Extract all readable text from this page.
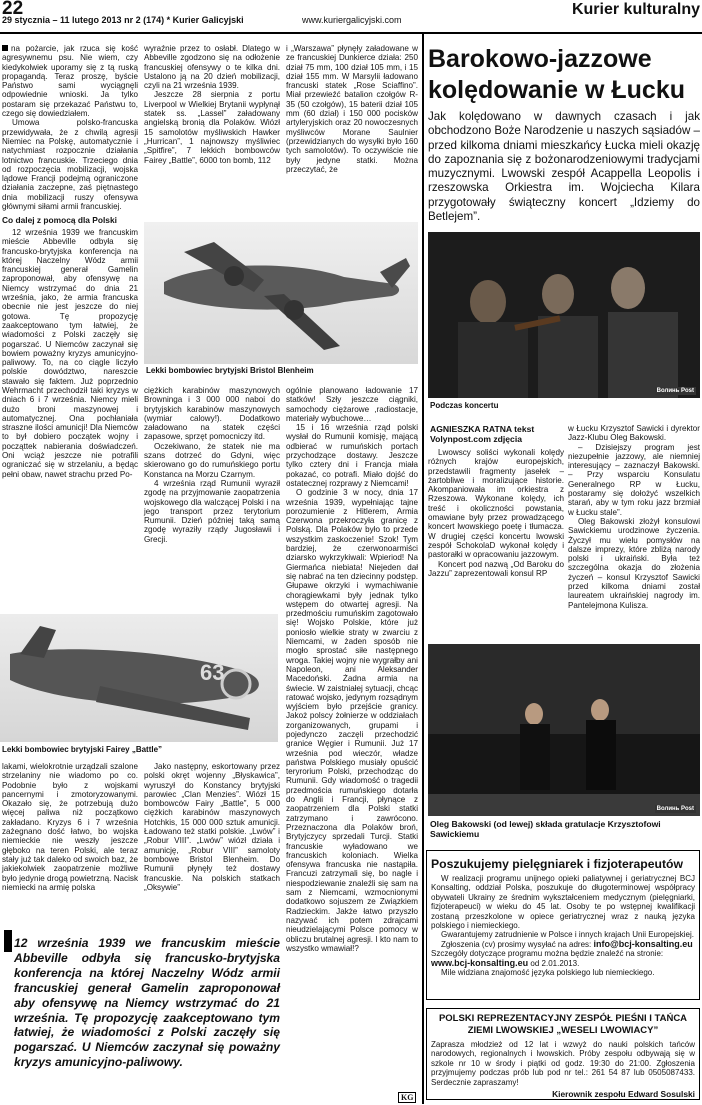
22
29 stycznia – 11 lutego 2013 nr 2 (174) * Kurier Galicyjski	www.kuriergalicyjski.com
Kurier kulturalny

na pożarcie, jak rzuca się kość agresywnemu psu. Nie wiem, czy kiedykolwiek uporamy się z tą ruską propagandą. Teraz proszę, byście Państwo sami wyciągnęli odpowiednie wnioski. Ja tylko postaram się przekazać Państwu to, czego się dowiedziałem.

Umowa polsko-francuska przewidywała, że z chwilą agresji Niemiec na Polskę, automatycznie i natychmiast rozpocznie działania lotnictwo francuskie. Trzeciego dnia od rozpoczęcia mobilizacji, wojska lądowe Francji podejmą ograniczone działania zaczepne, zaś piętnastego dnia mobilizacji ruszy ofensywa głównymi siłami armii francuskiej.

Co dalej z pomocą dla Polski

12 września 1939 we francuskim mieście Abbeville odbyła się francusko-brytyjska konferencja na której Naczelny Wódz armii francuskiej generał Gamelin zaproponował, aby ofensywę na Niemcy wstrzymać do dnia 21 września, jako, że armia francuska obecnie nie jest jeszcze do niej gotowa. Tę propozycję zaakceptowano tym łatwiej, że wiadomości z Polski zaczęły się pogarszać. U Niemców zaczynał się bowiem poważny kryzys amunicyjno-paliwowy. To, na co ciągle liczyło polskie dowództwo, nareszcie stawało się faktem. Już poprzednio Wehrmacht przechodził taki kryzys w dniach 6 i 7 września. Niemcy mieli dużo broni maszynowej i automatycznej. Ona pochłaniała straszne ilości amunicji! Dla Niemców to był dobiero początek wojny i począttek nabierania doświadczeń. Oni wciąż jeszcze nie potrafili ograniczać się w strzelaniu, a będąc pełni obaw, nawet strachu przed Po-

wyraźnie przez to osłabł. Dlatego w Abbeville zgodzono się na odłożenie francuskiej ofensywy o te kilka dni. Ustalono ją na 20 dzień mobilizacji, czyli na 21 września 1939.

Jeszcze 28 sierpnia z portu Liverpool w Wielkiej Brytanii wypłynął statek ss. „Lassel” załadowany angielską bronią dla Polaków. Wiózł 15 samolotów myśliwskich Hawker „Hurrican”, 1 najnowszy myśliwiec „Spitfire”, 7 lekkich bombowców Fairey „Battle”, 6000 ton bomb, 112

i „Warszawa” płynęły załadowane w ze francuskiej Dunkierce działa: 250 dział 75 mm, 100 dział 105 mm, i 15 dział 155 mm. W Marsylii ładowano francuski statek „Rose Sciaffino”. Miał przewieźć batalion czołgów R-35 (50 czołgów), 15 baterii dział 105 mm (60 dział) i 150 000 pocisków artyleryjskich oraz 20 nowoczesnych myśliwców Morane Saulnier (przewidzianych do wysyłki było 160 tych samolotów). To oczywiście nie były jedyne statki. Można przeczytać, że

Lekki bombowiec brytyjski Bristol Blenheim

ciężkich karabinów maszynowych Browninga i 3 000 000 naboi do brytyjskich karabinów maszynowych (wymiar calowy!). Dodatkowo załadowano na statek części zapasowe, sprzęt pomocniczy itd.

Oczekiwano, że statek nie ma szans dotrzeć do Gdyni, więc skierowano go do rumuńskiego portu Konstanca na Morzu Czarnym.

4 września rząd Rumunii wyraził zgodę na przyjmowanie zaopatrzenia wojskowego dla walczącej Polski i na jego transport przez terytorium Rumunii. Dzień później taką samą zgodę wyraziły rządy Jugosławii i Grecji.

ogólnie planowano ładowanie 17 statków! Szły jeszcze ciągniki, samochody ciężarowe ,radiostacje, materiały wybuchowe…

15 i 16 września rząd polski wysłał do Rumunii komisję, mającą odbierać w rumuńskich portach przychodzące dostawy. Jeszcze tylko cztery dni i Francja miała pokazać, co potrafi. Miało dojść do ostatecznej rozprawy z Niemcami!

O godzinie 3 w nocy, dnia 17 września 1939, wypełniając tajne porozumienie z Hitlerem, Armia Czerwona przekroczyła granicę z Polską. Dla Polaków było to przede wszystkim zaskoczenie! Szok! Tym bardziej, że czerwonoarmiści dziarsko wykrzykiwali: Wpieriod! Na Giermańca niebiata! Niejeden dał się nabrać na ten dziecinny podstęp. Głupawe okrzyki i wymachiwanie chorągiewkami były jednak tylko wstępem do otwartej agresji. Na przedmościu rumuńskim zagotowało się! Wojsko Polskie, które już poniosło wielkie straty w zwarciu z Niemcami, w żaden sposób nie mogło sprostać siłe następnego wroga. Takiej wojny nie wygrałby ani Napoleon, ani Aleksander Macedoński. Żadna armia na świecie. W zaistniałej sytuacji, chcąc ratować wojsko, jedynym rozsądnym wyjściem było przejście granicy. Jakoż polscy żołnierze w oddziałach zorganizowanych, grupami i pojedynczo zaczęli przechodzić granice Węgier i Rumunii. Już 17 września pod wieczór, władze państwa Polskiego musiały opuścić teryrorium Polski, przechodząc do Rumunii. Gdy wiadomość o tragedii przedmościa rumuńskiego dotarła do Anglii i Francji, płynące z zaopatrzeniem dla Polski statki zatrzymano i zawrócono. Przeznaczona dla Polaków broń, Brytyjczycy sprzedali Turcji. Statki francuskie wyładowano we francuskich koloniach. Wielka ofensywa francuska nie nastąpiła. Francuzi zatrzymali się, bo nagle i niespodziewanie znaleźli się sam na sam z Niemcami, wzmocnionymi dodatkowo sojuszem ze Związkiem Radzieckim. Jakże łatwo przyszło nazywać ich potem zdrajcami nieudzielającymi Polsce pomocy w obliczu brutalnej agresji. I kto nam to wszystko wmawiał!?

63
Lekki bombowiec brytyjski Fairey „Battle”

lakami, wielokrotnie urządzali szalone strzelaniny nie wiadomo po co. Podobnie było z wojskami pancernymi i zmotoryzowanymi. Okazało się, że potrzebują dużo więcej paliwa niż początkowo zakładano. Kryzys 6 i 7 września zażegnano dość łatwo, bo wojska niemieckie nie weszły jeszcze głęboko na teren Polski, ale teraz stały już tak daleko od swoich baz, że jakiekolwiek zaopatrzenie możliwe było jedynie drogą powietrzną. Nacisk niemiecki na armię polska

Jako następny, eskortowany przez polski okręt wojenny „Błyskawica”, wyruszył do Konstancy brytyjski parowiec „Clan Menzies”. Wiózł 15 bombowców Fairy „Battle”, 5 000 ciężkich karabinów maszynowych Hotchkis, 15 000 000 sztuk amunicji. Ładowano też statki polskie. „Lwów” i „Robur VIII”. „Lwów” wiózł działa i amunicję, „Robur VIII” samoloty bombowe Bristol Blenheim. Do Rumunii płynęły też dostawy francuskie. Na polskich statkach „Oksywie”

12 września 1939 we francuskim mieście Abbeville odbyła się francusko-brytyjska konferencja na której Naczelny Wódz armii francuskiej generał Gamelin zaproponował aby ofensywę na Niemcy wstrzymać do 21 września. Tę propozycję zaakceptowano tym łatwiej, że wiadomości z Polski zaczęły się pogarszać. U Niemców zaczynał się poważny kryzys amunicyjno-paliwowy.
Barokowo-jazzowe kolędowanie w Łucku
Jak kolędowano w dawnych czasach i jak obchodzono Boże Narodzenie u naszych sąsiadów – przed kilkoma dniami mieszkańcy Łucka mieli okazję do zapoznania się z bożonarodzeniowymi tradycjami muzycznymi. Lwowski zespół Acappella Leopolis i rzeszowska Orkiestra im. Wojciecha Kilara przygotowały świąteczny koncert „Idziemy do Betlejem”.
Волинь Post
Podczas koncertu
AGNIESZKA RATNA tekst Volynpost.com zdjęcia

Lwowscy soliści wykonali kolędy różnych krajów europejskich, przedstawili fragmenty jasełek – żartobliwe i moralizujące historie. Akompaniowała im orkiestra z Rzeszowa. Wykonane kolędy, ich treść i okoliczności powstania, omawiane były przez prowadzącego koncert lwowskiego poetę i tłumacza. W drugiej części koncertu lwowski zespół SchokolaD wykonał kolędy i pastorałki w opracowaniu jazzowym.

Koncert pod nazwą „Od Baroku do Jazzu” zaprezentowali konsul RP

w Łucku Krzysztof Sawicki i dyrektor Jazz-Klubu Oleg Bakowski.

– Dzisiejszy program jest niezupełnie jazzowy, ale niemniej interesujący – zaznaczył Bakowski. – Przy wsparciu Konsulatu Generalnego RP w Łucku, postaramy się dołożyć wszelkich starań, aby w tym roku jazz brzmiał w Łucku stale”.

Oleg Bakowski złożył konsulowi Sawickiemu urodzinowe życzenia. Życzył mu wielu pomysłów na dalsze imprezy, które zbliżą narody polski i ukraiński. Była też szczególna okazja do złożenia życzeń – konsul Krzysztof Sawicki przed kilkoma dniami został laureatem ukraińskiej nagrody im. Pantelejmona Kulisza.

Волинь Post
Oleg Bakowski (od lewej) składa gratulacje Krzysztofowi Sawickiemu
Poszukujemy pielęgniarek i fizjoterapeutów

W realizacji programu unijnego opieki paliatywnej i geriatrycznej BCJ Konsalting, oddział Polska, poszukuje do długoterminowej współpracy obywateli Ukrainy ze średnim wykształceniem medycznym (pielęgniarki, fizjoterapeuci) w wieku do 45 lat. Osoby te po wstępnej kwalifikacji zostaną przeszkolone w opiece geriatrycznej wraz z nauką języka polskiego i niemieckiego.

Gwarantujemy zatrudnienie w Polsce i innych krajach Unii Europejskiej.

Zgłoszenia (cv) prosimy wysyłać na adres: info@bcj-konsalting.eu

Szczegóły dotyczące programu można będzie znaleźć na stronie:

www.bcj-konsalting.eu od 2.01.2013.

Mile widziana znajomość języka polskiego lub niemieckiego.

POLSKI REPREZENTACYJNY ZESPÓŁ PIEŚNI I TAŃCA
ZIEMI LWOWSKIEJ „WESELI LWOWIACY”
Zaprasza młodzież od 12 lat i wzwyż do nauki polskich tańców narodowych, regionalnych i lwowskich. Próby zespołu odbywają się w szkole nr 10 w środy i piątki od godz. 19:30 do 21:00. Zgłoszenia przyjmujemy podczas prób lub pod nr tel.: 261 54 87 lub 0505087433. Serdecznie zapraszamy!
Kierownik zespołu Edward Sosulski
KG
